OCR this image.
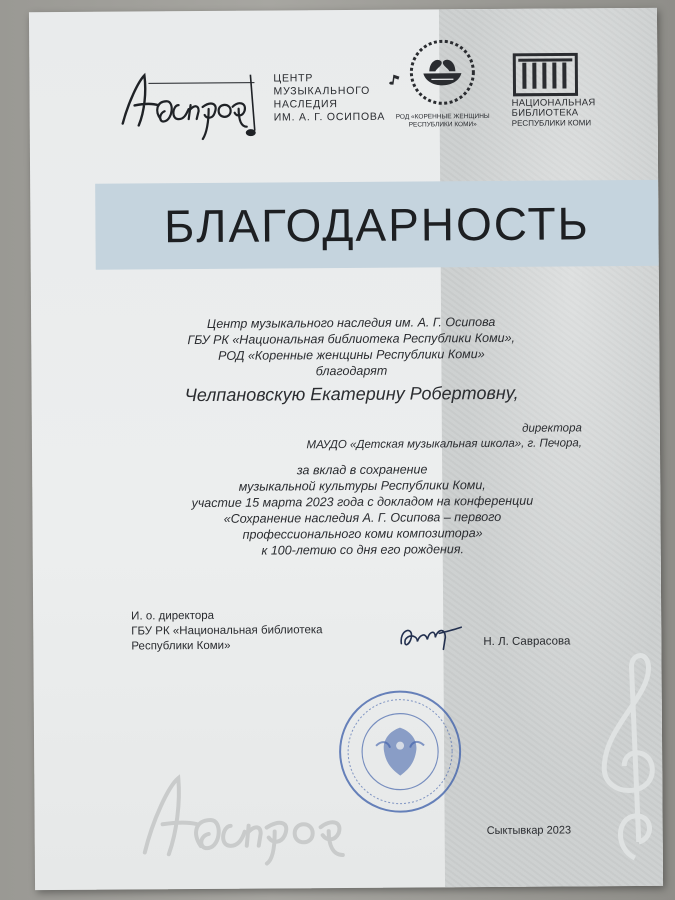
ЦЕНТР
МУЗЫКАЛЬНОГО
НАСЛЕДИЯ
ИМ. А. Г. ОСИПОВА	РОД «КОРЕННЫЕ ЖЕНЩИНЫ
РЕСПУБЛИКИ КОМИ»
НАЦИОНАЛЬНАЯ
БИБЛИОТЕКА
РЕСПУБЛИКИ КОМИ
БЛАГОДАРНОСТЬ
Центр музыкального наследия им. А. Г. Осипова
ГБУ РК «Национальная библиотека Республики Коми»,
РОД «Коренные женщины Республики Коми»
благодарят
Челпановскую Екатерину Робертовну,
директора
МАУДО «Детская музыкальная школа», г. Печора,
за вклад в сохранение
музыкальной культуры Республики Коми,
участие 15 марта 2023 года с докладом на конференции
«Сохранение наследия А. Г. Осипова – первого
профессионального коми композитора»
к 100-летию со дня его рождения.
И. о. директора
ГБУ РК «Национальная библиотека
Республики Коми»	Н. Л. Саврасова
Сыктывкар 2023
